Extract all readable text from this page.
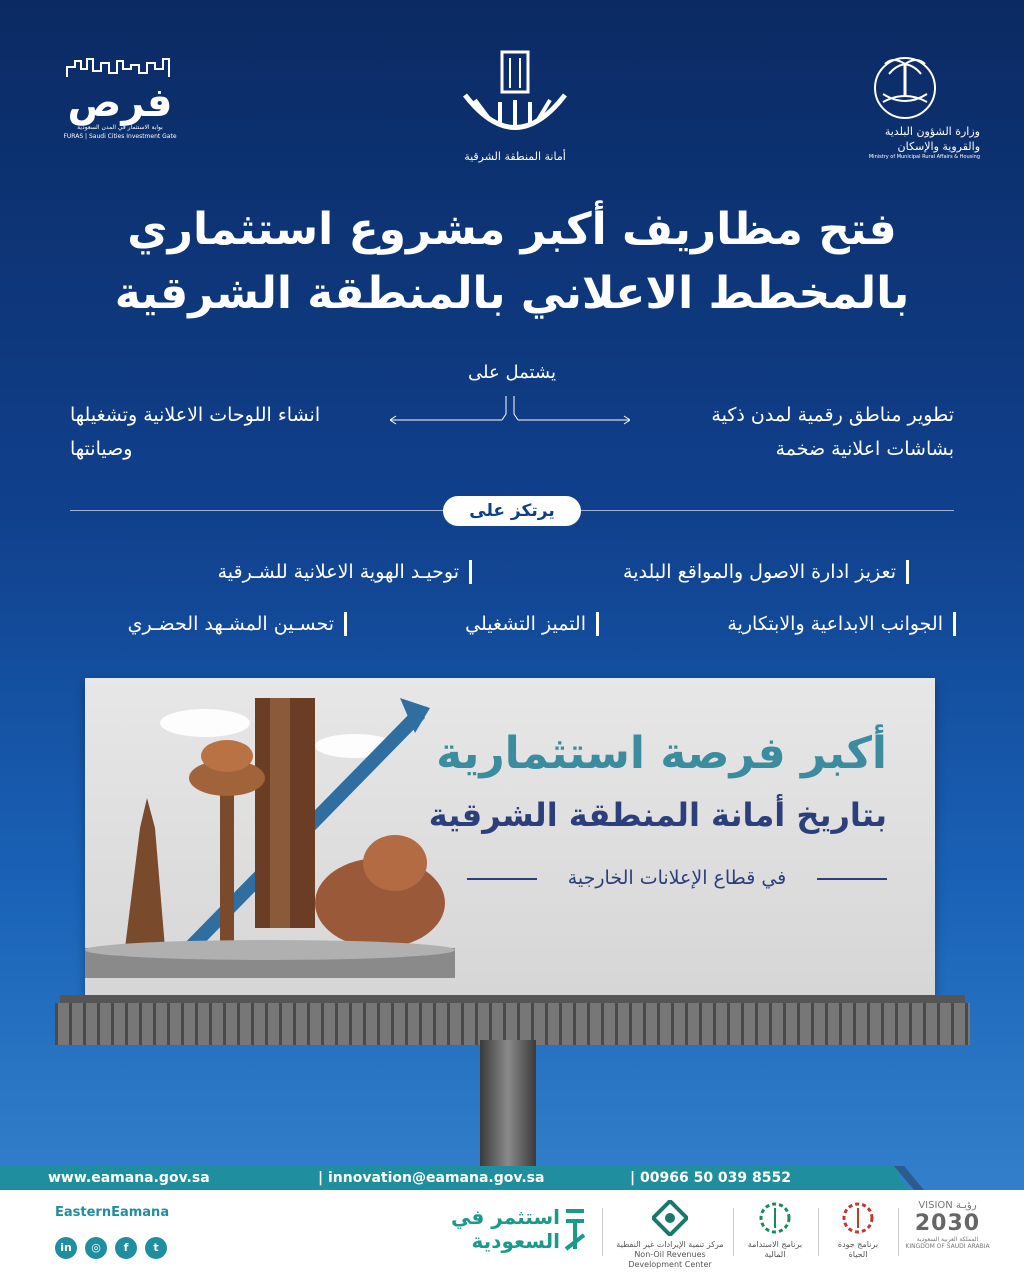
فرص
بوابة الاستثمار في المدن السعودية
FURAS | Saudi Cities Investment Gate
أمانة المنطقة الشرقية
وزارة الشؤون البلدية
والقروية والإسكان
Ministry of Municipal Rural Affairs & Housing
فتح مظاريف أكبر مشروع استثماري
بالمخطط الاعلاني بالمنطقة الشرقية
يشتمل على
تطوير مناطق رقمية لمدن ذكية
بشاشات اعلانية ضخمة
انشاء اللوحات الاعلانية وتشغيلها
وصيانتها
يرتكز على
تعزيز ادارة الاصول والمواقع البلدية
توحيـد الهوية الاعلانية للشـرقية
الجوانب الابداعية والابتكارية
التميز التشغيلي
تحسـين المشـهد الحضـري
أكبر فرصة استثمارية
بتاريخ أمانة المنطقة الشرقية
في قطاع الإعلانات الخارجية
www.eamana.gov.sa	| innovation@eamana.gov.sa	| 00966 50 039 8552
EasternEamana
in	◎	f	t
استثمر في
السعودية	مركز تنمية الإيرادات غير النفطية
Non-Oil Revenues Development Center
برنامج الاستدامة
المالية
برنامج جودة
الحياة
VISION رؤيـة
2030
المملكة العربية السعودية KINGDOM OF SAUDI ARABIA
